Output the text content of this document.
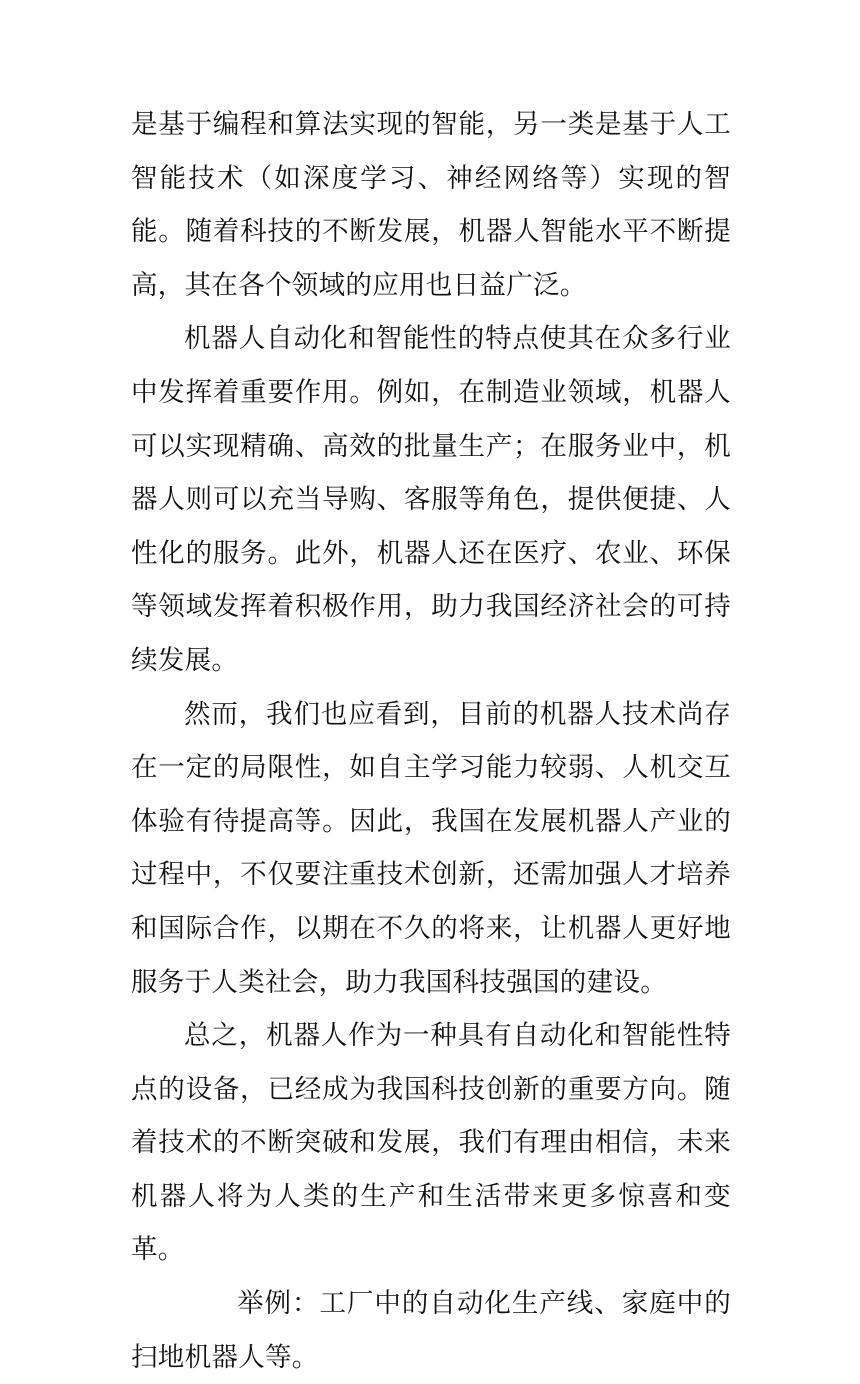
是基于编程和算法实现的智能，另一类是基于人工智能技术（如深度学习、神经网络等）实现的智能。随着科技的不断发展，机器人智能水平不断提高，其在各个领域的应用也日益广泛。

机器人自动化和智能性的特点使其在众多行业中发挥着重要作用。例如，在制造业领域，机器人可以实现精确、高效的批量生产；在服务业中，机器人则可以充当导购、客服等角色，提供便捷、人性化的服务。此外，机器人还在医疗、农业、环保等领域发挥着积极作用，助力我国经济社会的可持续发展。

然而，我们也应看到，目前的机器人技术尚存在一定的局限性，如自主学习能力较弱、人机交互体验有待提高等。因此，我国在发展机器人产业的过程中，不仅要注重技术创新，还需加强人才培养和国际合作，以期在不久的将来，让机器人更好地服务于人类社会，助力我国科技强国的建设。

总之，机器人作为一种具有自动化和智能性特点的设备，已经成为我国科技创新的重要方向。随着技术的不断突破和发展，我们有理由相信，未来机器人将为人类的生产和生活带来更多惊喜和变革。

举例：工厂中的自动化生产线、家庭中的扫地机器人等。
